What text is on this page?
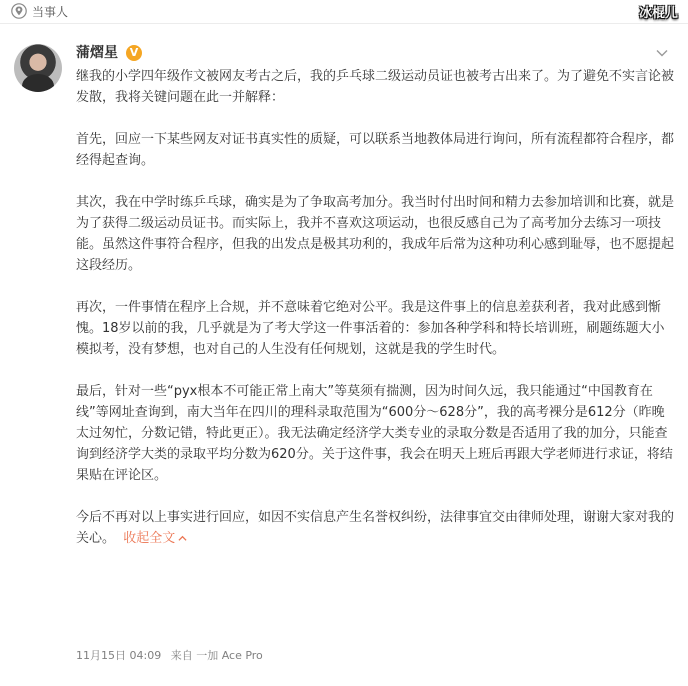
当事人	冰棍儿
蒲熠星	V

继我的小学四年级作文被网友考古之后，我的乒乓球二级运动员证也被考古出来了。为了避免不实言论被发散，我将关键问题在此一并解释：

首先，回应一下某些网友对证书真实性的质疑，可以联系当地教体局进行询问，所有流程都符合程序，都经得起查询。

其次，我在中学时练乒乓球，确实是为了争取高考加分。我当时付出时间和精力去参加培训和比赛，就是为了获得二级运动员证书。而实际上，我并不喜欢这项运动，也很反感自己为了高考加分去练习一项技能。虽然这件事符合程序，但我的出发点是极其功利的，我成年后常为这种功利心感到耻辱，也不愿提起这段经历。

再次，一件事情在程序上合规，并不意味着它绝对公平。我是这件事上的信息差获利者，我对此感到惭愧。18岁以前的我，几乎就是为了考大学这一件事活着的：参加各种学科和特长培训班，刷题练题大小模拟考，没有梦想，也对自己的人生没有任何规划，这就是我的学生时代。

最后，针对一些“pyx根本不可能正常上南大”等莫须有揣测，因为时间久远，我只能通过“中国教育在线”等网址查询到，南大当年在四川的理科录取范围为“600分～628分”，我的高考裸分是612分（昨晚太过匆忙，分数记错，特此更正）。我无法确定经济学大类专业的录取分数是否适用了我的加分，只能查询到经济学大类的录取平均分数为620分。关于这件事，我会在明天上班后再跟大学老师进行求证，将结果贴在评论区。

今后不再对以上事实进行回应，如因不实信息产生名誉权纠纷，法律事宜交由律师处理，谢谢大家对我的关心。 收起全文

11月15日 04:09 来自 一加 Ace Pro
